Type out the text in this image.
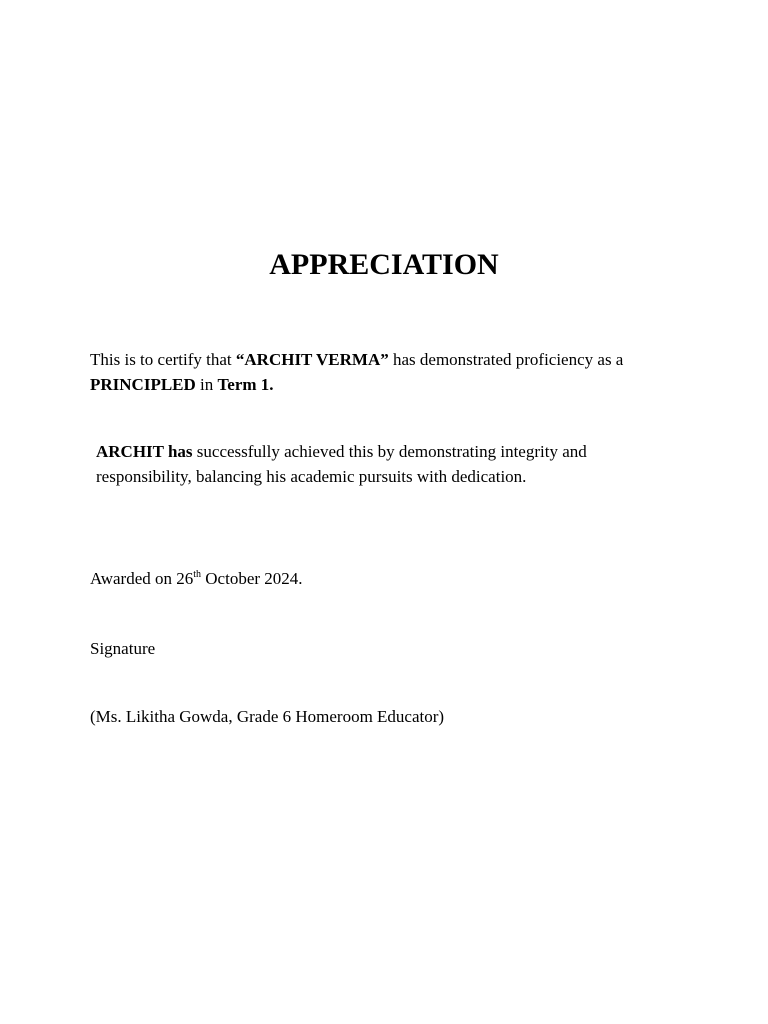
APPRECIATION

This is to certify that “ARCHIT VERMA” has demonstrated proficiency as a
PRINCIPLED in Term 1.

ARCHIT has successfully achieved this by demonstrating integrity and
responsibility, balancing his academic pursuits with dedication.

Awarded on 26th October 2024.

Signature

(Ms. Likitha Gowda, Grade 6 Homeroom Educator)
